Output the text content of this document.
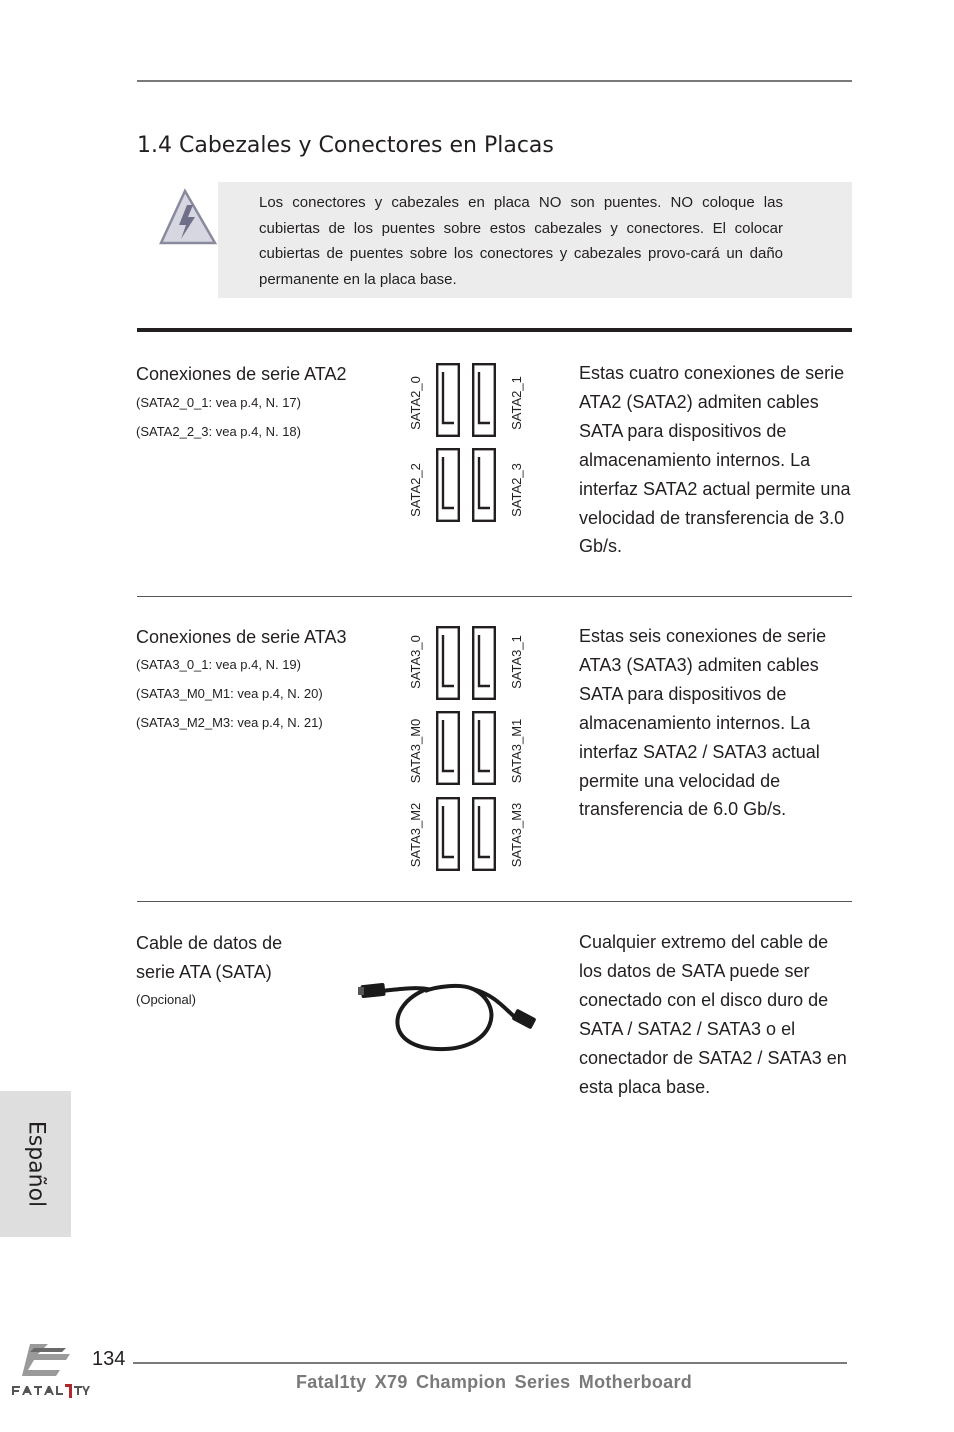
1.4 Cabezales y Conectores en Placas
Los conectores y cabezales en placa NO son puentes. NO coloque las cubiertas de los puentes sobre estos cabezales y conectores. El colocar cubiertas de puentes sobre los conectores y cabezales provo-cará un daño permanente en la placa base.
Conexiones de serie ATA2
(SATA2_0_1: vea p.4, N. 17)
(SATA2_2_3: vea p.4, N. 18)
SATA2_0	SATA2_1
SATA2_2	SATA2_3
Estas cuatro conexiones de serie ATA2 (SATA2) admiten cables SATA para dispositivos de almacenamiento internos. La interfaz SATA2 actual permite una velocidad de transferencia de 3.0 Gb/s.
Conexiones de serie ATA3
(SATA3_0_1: vea p.4, N. 19)
(SATA3_M0_M1: vea p.4, N. 20)
(SATA3_M2_M3: vea p.4, N. 21)
SATA3_0	SATA3_1
SATA3_M0	SATA3_M1
SATA3_M2	SATA3_M3
Estas seis conexiones de serie ATA3 (SATA3) admiten cables SATA para dispositivos de almacenamiento internos. La interfaz SATA2 / SATA3 actual permite una velocidad de transferencia de 6.0 Gb/s.
Cable de datos de
serie ATA (SATA)
(Opcional)
Cualquier extremo del cable de los datos de SATA puede ser conectado con el disco duro de SATA / SATA2 / SATA3 o el conectador de SATA2 / SATA3 en esta placa base.
Español
134
Fatal1ty X79 Champion Series Motherboard
